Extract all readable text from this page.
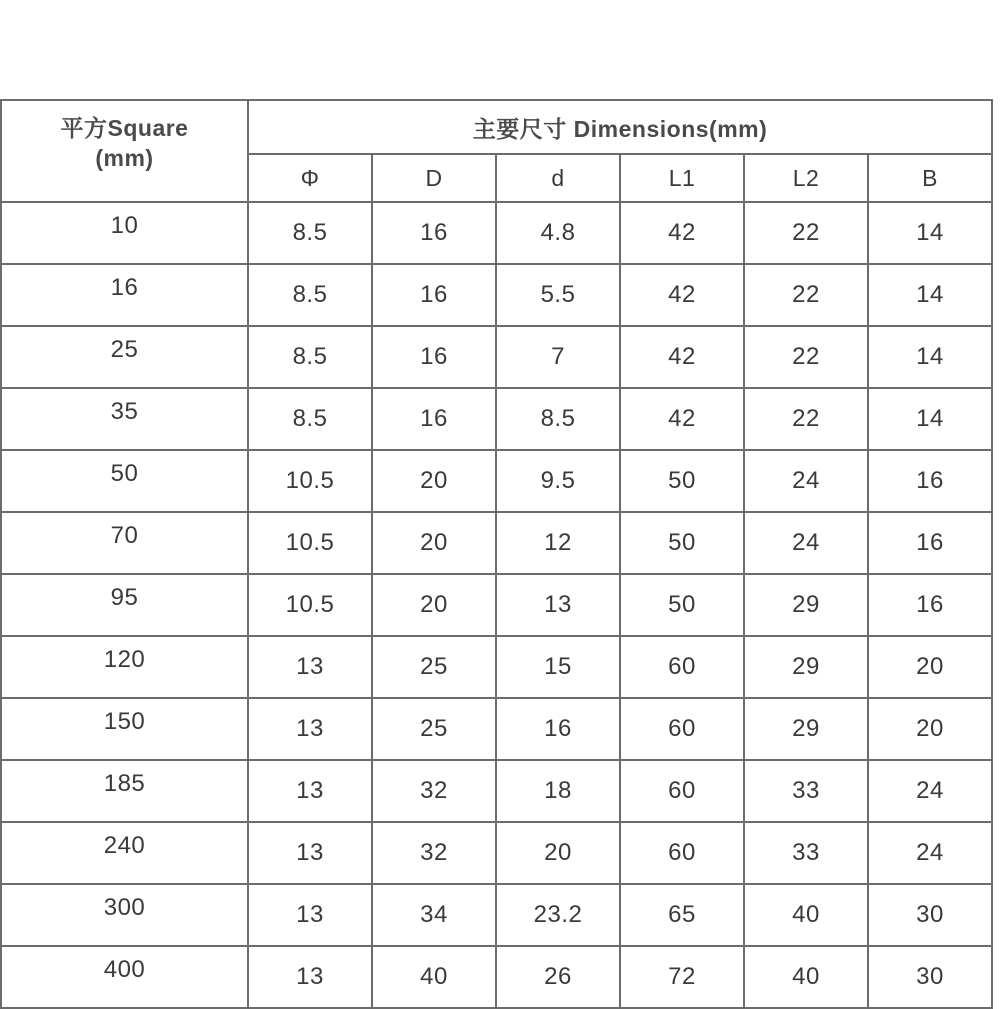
平方Square
(mm)	主要尺寸 Dimensions(mm)					
	Φ	D	d	L1	L2	B
10	8.5	16	4.8	42	22	14
16	8.5	16	5.5	42	22	14
25	8.5	16	7	42	22	14
35	8.5	16	8.5	42	22	14
50	10.5	20	9.5	50	24	16
70	10.5	20	12	50	24	16
95	10.5	20	13	50	29	16
120	13	25	15	60	29	20
150	13	25	16	60	29	20
185	13	32	18	60	33	24
240	13	32	20	60	33	24
300	13	34	23.2	65	40	30
400	13	40	26	72	40	30
